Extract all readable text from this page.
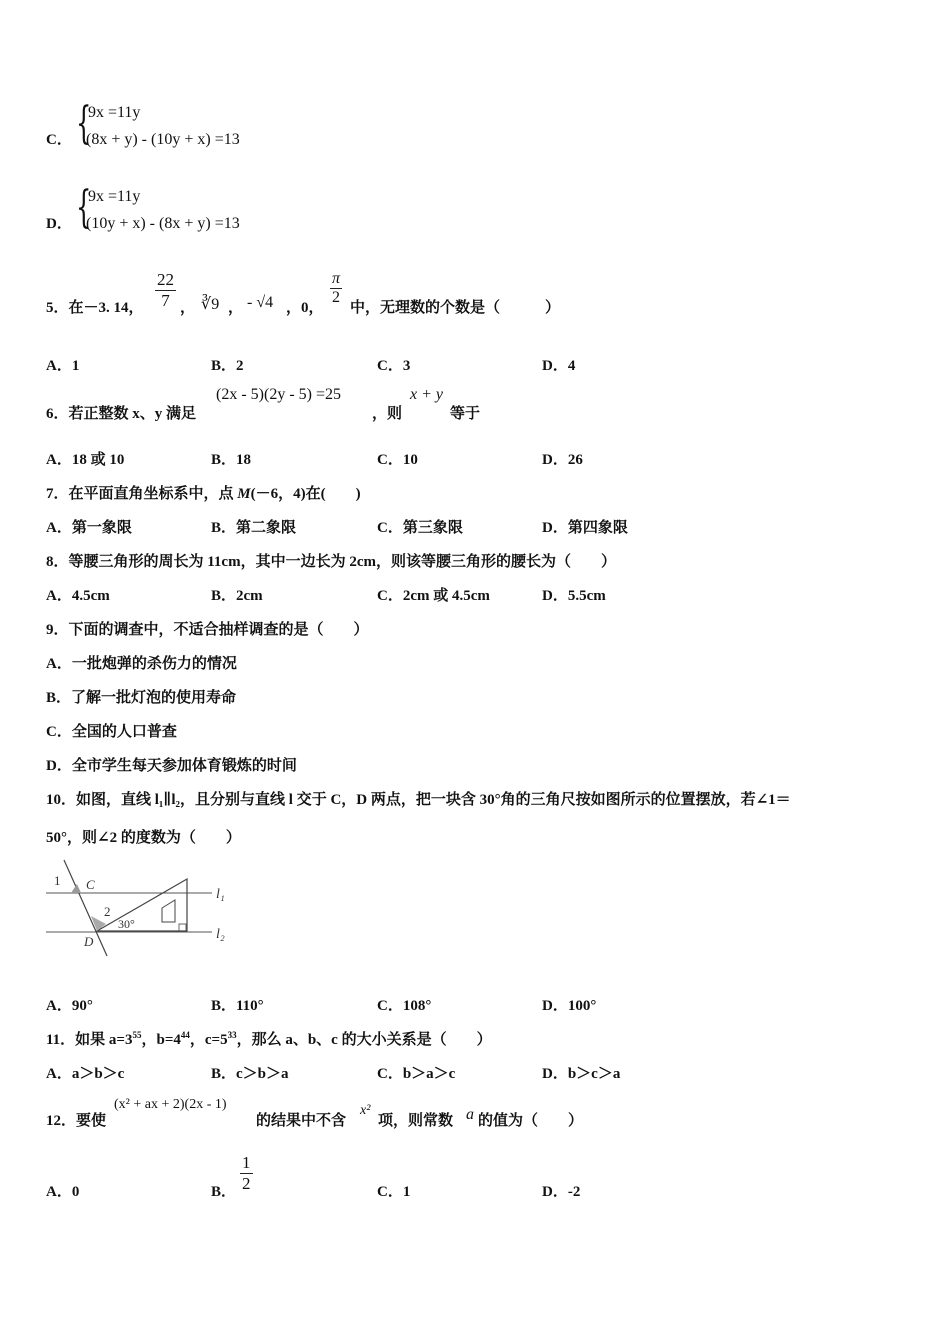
C． {
9x =11y
(8x + y) - (10y + x) =13
D． {
9x =11y
(10y + x) - (8x + y) =13
5．在－3. 14， $\frac{22}{7}$ ， ∛9 ， - √4 ，0，
$\frac{\pi}{2}$
中，无理数的个数是（　　　）
A．1	B．2	C．3	D．4
6．若正整数 x、y 满足
(2x - 5)(2y - 5) =25
，则
x + y
等于
A．18 或 10	B．18	C．10	D．26
7．在平面直角坐标系中，点 M(－6，4)在(　　)
A．第一象限	B．第二象限	C．第三象限	D．第四象限
8．等腰三角形的周长为 11cm，其中一边长为 2cm，则该等腰三角形的腰长为（　　）
A．4.5cm	B．2cm	C．2cm 或 4.5cm	D．5.5cm
9．下面的调查中，不适合抽样调查的是（　　）
A．一批炮弹的杀伤力的情况
B．了解一批灯泡的使用寿命
C．全国的人口普查
D．全市学生每天参加体育锻炼的时间
10．如图，直线 l₁∥l₂，且分别与直线 l 交于 C，D 两点，把一块含 30°角的三角尺按如图所示的位置摆放，若∠1＝
50°，则∠2 的度数为（　　）
1 C
2
30°
D
l₁
l₂
A．90°	B．110°	C．108°	D．100°
11．如果 $a=3^{55}$，$b=4^{44}$，$c=5^{33}$，那么 a、b、c 的大小关系是（　　）
A．a＞b＞c	B．c＞b＞a	C．b＞a＞c	D．b＞c＞a
12．要使
(x² + ax + 2)(2x - 1)
的结果中不含
x²
项，则常数 a 的值为（　　）
A．0	B． $\frac{1}{2}$	C．1	D．-2
